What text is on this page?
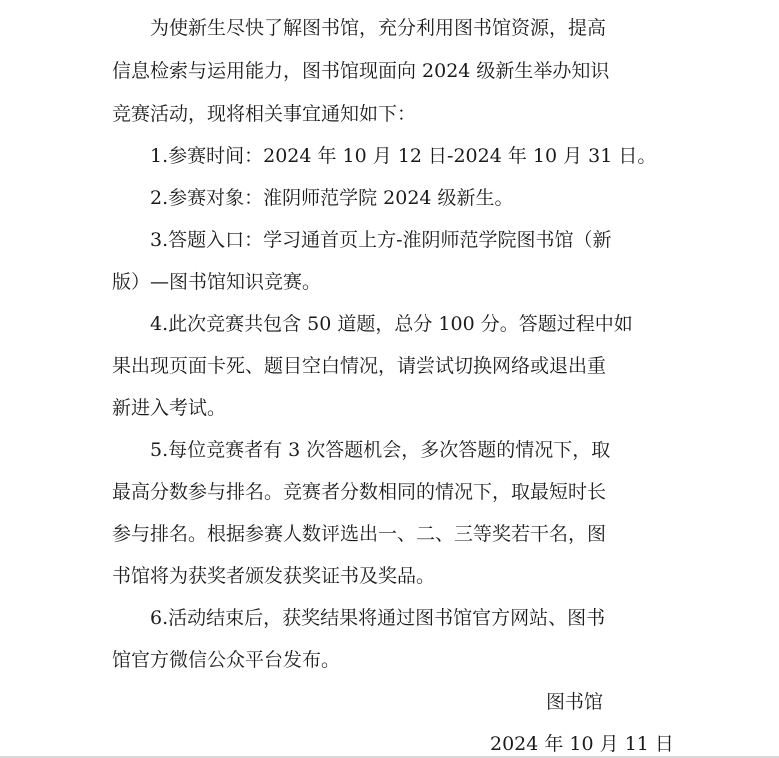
为使新生尽快了解图书馆，充分利用图书馆资源，提高
信息检索与运用能力，图书馆现面向 2024 级新生举办知识
竞赛活动，现将相关事宜通知如下：
1.参赛时间：2024 年 10 月 12 日-2024 年 10 月 31 日。
2.参赛对象：淮阴师范学院 2024 级新生。
3.答题入口：学习通首页上方-淮阴师范学院图书馆（新
版）—图书馆知识竞赛。
4.此次竞赛共包含 50 道题，总分 100 分。答题过程中如
果出现页面卡死、题目空白情况，请尝试切换网络或退出重
新进入考试。
5.每位竞赛者有 3 次答题机会，多次答题的情况下，取
最高分数参与排名。竞赛者分数相同的情况下，取最短时长
参与排名。根据参赛人数评选出一、二、三等奖若干名，图
书馆将为获奖者颁发获奖证书及奖品。
6.活动结束后，获奖结果将通过图书馆官方网站、图书
馆官方微信公众平台发布。
图书馆
2024 年 10 月 11 日
